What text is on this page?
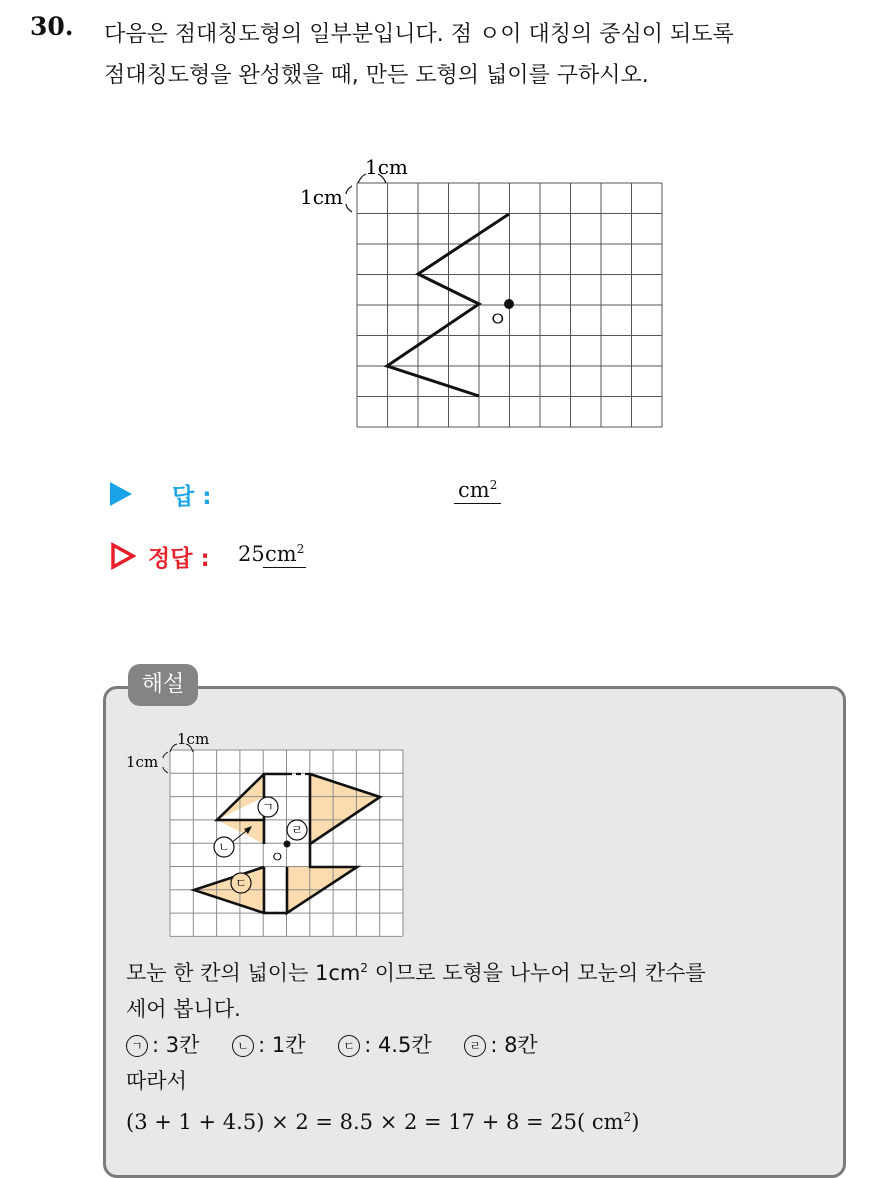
30. 다음은 점대칭도형의 일부분입니다. 점 ㅇ이 대칭의 중심이 되도록
점대칭도형을 완성했을 때, 만든 도형의 넓이를 구하시오.
1cm
1cm
ㅇ
답 :	$cm^2$
정답 : 25 $cm^2$
해설
1cm
1cm
ㅇ
ㄱ
ㄴ
ㄷ
ㄹ
모눈 한 칸의 넓이는 $1cm^2$ 이므로 도형을 나누어 모눈의 칸수를
세어 봅니다.
ㄱ : 3칸	ㄴ : 1칸	ㄷ : 4.5칸	ㄹ : 8칸
따라서
(3 + 1 + 4.5) × 2 = 8.5 × 2 = 17 + 8 = 25( $cm^2$)
